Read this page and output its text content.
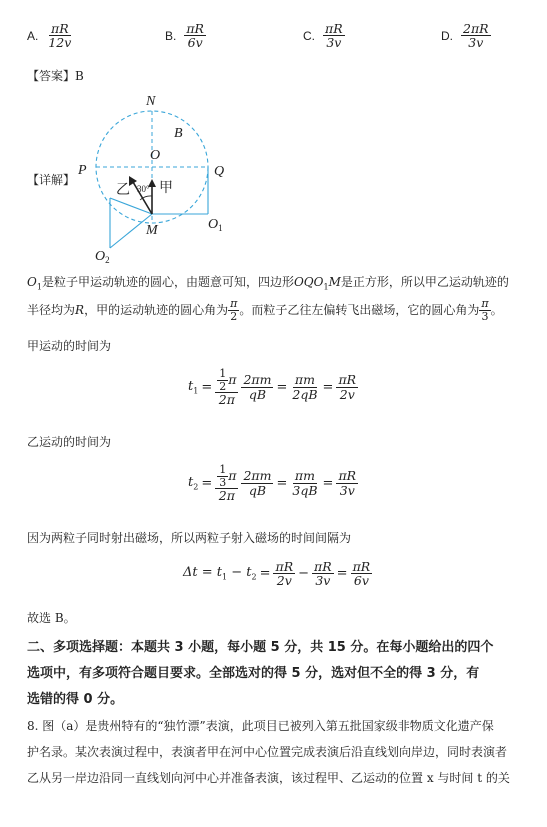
A. $\frac{\pi R}{12v}$	B. $\frac{\pi R}{6v}$	C. $\frac{\pi R}{3v}$	D. $\frac{2\pi R}{3v}$
【答案】B
【详解】
N
B
O
P	Q
乙 30° 甲
$O_1$
M
$O_2$
$O_1$是粒子甲运动轨迹的圆心，由题意可知，四边形$OQO_1M$是正方形，所以甲乙运动轨迹的
半径均为 R ，甲的运动轨迹的圆心角为 $\frac{\pi}{2}$ 。而粒子乙往左偏转飞出磁场，它的圆心角为 $\frac{\pi}{3}$ 。
甲运动的时间为
$t_1 = \frac{\frac{1}{2} \pi}{2\pi} \frac{2\pi m}{qB} = \frac{\pi m}{2qB} = \frac{\pi R}{2v}$
乙运动的时间为
$t_2 = \frac{\frac{1}{3} \pi}{2\pi} \frac{2\pi m}{qB} = \frac{\pi m}{3qB} = \frac{\pi R}{3v}$
因为两粒子同时射出磁场，所以两粒子射入磁场的时间间隔为
$\Delta t = t_1 - t_2 = \frac{\pi R}{2v} - \frac{\pi R}{3v} = \frac{\pi R}{6v}$
故选 B。
二、多项选择题：本题共 3 小题，每小题 5 分，共 15 分。在每小题给出的四个
选项中，有多项符合题目要求。全部选对的得 5 分，选对但不全的得 3 分，有
选错的得 0 分。
8. 图（a）是贵州特有的“独竹漂”表演，此项目已被列入第五批国家级非物质文化遗产保
护名录。某次表演过程中，表演者甲在河中心位置完成表演后沿直线划向岸边，同时表演者
乙从另一岸边沿同一直线划向河中心并准备表演，该过程甲、乙运动的位置 x 与时间 t 的关
